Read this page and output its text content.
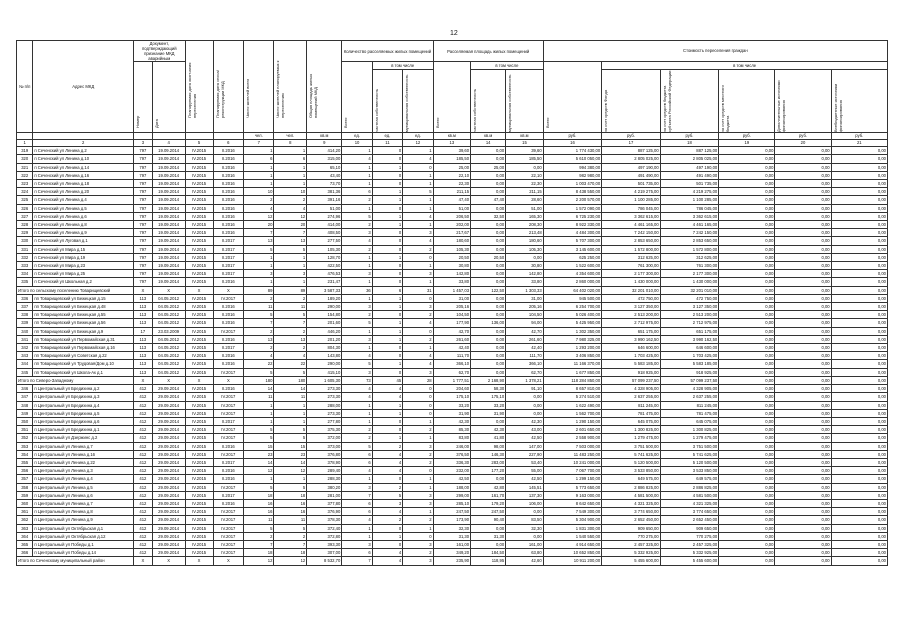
12
№ п/п	Адрес МКД	Документ, подтверждающий признание МКД аварийным		Планируемая дата окончания переселения	Планируемая дата сноса/реконструкции МКД	Число жителей всего	Число жителей планируемых к переселению	Общая площадь жилых помещений МКД	Количество расселяемых жилых помещений			Расселяемая площадь жилых помещений			Стоимость переселения граждан					

		Номер	Дата						Всего	в том числе		Всего	в том числе		Всего	в том числе				

										частная собственность	муниципальная собственность		частная собственность	муниципальная собственность		за счет средств Фонда	за счет средств бюджета субъекта Российской Федерации	за счет средств местного бюджета	Дополнительные источники финансирования	Внебюджетные источники финансирования

						чел.	чел.	кв.м	ед.	ед.	ед.	кв.м	кв.м	кв.м	руб.	руб.	руб.	руб.	руб.	руб.
1	2	3	4	5	6	7	8	9	10	11	12	13	14	15	16	17	18	19	20	21
319	п Сеченский ул Ленина д.2	797	19.09.2014	IV.2015	II.2016	1	1	414,20	1	0	1	39,60	0,00	39,60	1 774 430,00	887 125,00	887 125,00	0,00	0,00	0,00
320	п Сеченский ул Ленина д.10	797	19.09.2014	IV.2015	II.2016	6	6	315,00	4	0	4	185,50	0,00	185,50	5 610 050,00	2 805 025,00	2 805 025,00	0,00	0,00	0,00
321	п Сеченский ул Ленина д.14	797	19.09.2014	IV.2015	II.2016	1	1	65,10	1	1	0	25,00	25,00	0,00	994 380,00	497 190,00	497 190,00	0,00	0,00	0,00
322	п Сеченский ул Ленина д.16	797	19.09.2014	IV.2015	II.2016	1	1	43,40	1	0	1	22,10	0,00	22,10	982 980,00	491 490,00	491 490,00	0,00	0,00	0,00
323	п Сеченский ул Ленина д.18	797	19.09.2014	IV.2015	II.2016	1	1	73,70	1	0	1	22,30	0,00	22,30	1 003 470,00	501 735,00	501 735,00	0,00	0,00	0,00
324	п Сеченский ул Ленина д.20	797	19.09.2014	IV.2015	II.2016	10	10	381,36	6	1	5	211,15	0,00	211,15	8 438 550,00	4 219 275,00	4 219 275,00	0,00	0,00	0,00
325	п Сеченский ул Ленина д.4	797	19.09.2014	IV.2015	II.2016	2	2	391,16	2	1	1	47,40	47,40	28,60	2 200 570,00	1 100 285,00	1 100 285,00	0,00	0,00	0,00
326	п Сеченский ул Ленина д.5	797	19.09.2014	IV.2015	II.2016	4	4	51,00	1	0	1	51,00	0,00	51,00	1 572 090,00	786 045,00	786 045,00	0,00	0,00	0,00
327	п Сеченский ул Ленина д.6	797	19.09.2014	IV.2015	II.2016	12	12	274,96	5	1	4	206,50	32,50	165,30	6 725 230,00	3 362 615,00	3 362 615,00	0,00	0,00	0,00
328	п Сеченский ул Ленина д.8	797	19.09.2014	IV.2015	II.2016	20	20	414,00	2	1	1	202,00	0,00	208,30	8 922 330,00	4 461 165,00	4 461 165,00	0,00	0,00	0,00
329	п Сеченский ул Ленина д.9	797	19.09.2014	IV.2015	II.2016	7	7	408,50	3	0	3	217,67	0,00	213,48	4 484 300,00	7 242 150,00	7 242 150,00	0,00	0,00	0,00
330	п Сеченский ул Луговая д.1	797	19.09.2014	IV.2015	II.2017	13	13	277,50	4	0	4	180,60	0,00	180,60	5 707 300,00	2 853 650,00	2 853 650,00	0,00	0,00	0,00
331	п Сеченский ул Мира д.15	797	19.09.2014	IV.2015	II.2017	5	5	105,30	2	0	2	105,30	0,00	105,30	3 145 600,00	1 572 800,00	1 572 800,00	0,00	0,00	0,00
332	п Сеченский ул Мира д.19	797	19.09.2014	IV.2015	II.2017	1	1	128,70	1	1	0	20,50	20,50	0,00	625 250,00	312 625,00	312 625,00	0,00	0,00	0,00
333	п Сеченский ул Мира д.23	797	19.09.2014	IV.2015	II.2017	1	1	422,50	1	0	1	30,80	0,00	30,80	1 522 600,00	761 300,00	761 300,00	0,00	0,00	0,00
334	п Сеченский ул Мира д.25	797	19.09.2014	IV.2015	II.2017	3	3	476,53	3	0	3	142,80	0,00	142,80	4 354 600,00	2 177 300,00	2 177 300,00	0,00	0,00	0,00
335	п Сеченский ул Школьная д.2	797	19.09.2014	IV.2015	II.2016	1	1	231,47	1	0	1	33,80	0,00	33,80	2 860 000,00	1 430 000,00	1 430 000,00	0,00	0,00	0,00
Итого по сельскому поселению Товарищевский		X	X	X	X	89	89	3 587,33	36	6	31	1 457,03	122,50	1 303,33	64 402 020,00	32 201 010,00	32 201 010,00	0,00	0,00	0,00
336	пп Товарищевский ул Бежецкая д.15	113	04.05.2012	IV.2015	IV.2017	2	2	189,20	1	1	0	31,00	0,00	31,00	945 500,00	472 750,00	472 750,00	0,00	0,00	0,00
337	пп Товарищевский ул Бежецкая д.48	113	04.05.2012	IV.2015	II.2016	11	11	290,00	3	1	3	205,16	0,00	205,16	6 254 700,00	3 127 350,00	3 127 350,00	0,00	0,00	0,00
338	пп Товарищевский ул Бежецкая д.55	113	04.05.2012	IV.2015	II.2016	5	5	154,80	2	0	2	104,50	0,00	104,50	5 026 400,00	2 513 200,00	2 513 200,00	0,00	0,00	0,00
339	пп Товарищевский ул Бежецкая д.56	113	04.05.2012	IV.2015	II.2016	7	7	201,60	5	1	4	177,90	136,00	94,00	5 425 950,00	2 712 975,00	2 712 975,00	0,00	0,00	0,00
340	пп Товарищевский ул Бежецкая д.9	17	23.03.2009	IV.2015	IV.2017	2	2	446,20	1	1	0	42,70	0,00	42,70	1 302 350,00	651 175,00	651 175,00	0,00	0,00	0,00
341	пп Товарищевский ул Первомайская д.31	113	04.05.2012	IV.2015	II.2016	13	13	201,20	3	1	2	261,60	0,00	261,60	7 980 325,00	3 990 162,50	3 990 162,50	0,00	0,00	0,00
342	пп Товарищевский ул Первомайская д.16	113	04.05.2012	IV.2015	II.2017	2	2	804,30	1	0	1	42,40	0,00	42,40	1 293 200,00	646 600,00	646 600,00	0,00	0,00	0,00
343	пп Товарищевский ул Советская д.22	113	04.05.2012	IV.2015	II.2016	4	4	143,80	4	0	4	111,70	0,00	111,70	3 406 850,00	1 703 425,00	1 703 425,00	0,00	0,00	0,00
344	пп Товарищевский ул Трудовая/Дом д.10	113	04.05.2012	IV.2015	II.2016	22	22	290,00	5	1	4	366,10	0,00	366,10	11 166 370,00	5 583 185,00	5 583 185,00	0,00	0,00	0,00
345	пп Товарищевский ул Школа-Ак д.1	113	04.05.2012	IV.2015	IV.2017	5	5	415,10	3	0	3	62,70	0,00	62,70	1 677 850,00	918 925,00	918 925,00	0,00	0,00	0,00
Итого по Северо-Западному		X	X	X	X	180	180	1 605,30	73	45	28	1 777,51	2 168,90	1 378,21	118 284 850,00	57 099 237,50	57 099 237,50	0,00	0,00	0,00
346	п Центральный ул Бредихина д.2	412	29.09.2014	IV.2015	II.2016	14	14	273,30	4	4	0	204,60	58,30	91,10	8 657 810,00	4 328 905,00	4 328 905,00	0,00	0,00	0,00
347	п Центральный ул Бредихина д.3	412	29.09.2014	IV.2015	IV.2017	11	11	273,30	4	4	0	175,10	175,10	0,00	5 274 510,00	2 637 255,00	2 637 255,00	0,00	0,00	0,00
348	п Центральный ул Бредихина д.4	412	29.09.2014	IV.2015	IV.2017	1	1	288,00	1	1	0	33,20	33,20	0,00	1 622 490,00	811 245,00	811 245,00	0,00	0,00	0,00
349	п Центральный ул Бредихина д.5	412	29.09.2014	IV.2015	IV.2017	1	1	273,30	1	1	0	31,90	31,90	0,00	1 562 700,00	781 475,00	781 475,00	0,00	0,00	0,00
350	п Центральный ул Бредихина д.6	412	29.09.2014	IV.2015	II.2017	1	1	277,80	1	0	1	42,30	0,00	42,30	1 290 150,00	645 075,00	645 075,00	0,00	0,00	0,00
351	п Центральный ул Бредихина д.1	412	29.09.2014	IV.2015	IV.2017	5	5	375,30	2	0	2	85,30	42,30	43,00	2 601 650,00	1 300 825,00	1 300 825,00	0,00	0,00	0,00
352	п Центральный ул Дзержинс д.2	412	29.09.2014	IV.2015	IV.2017	5	5	372,00	2	1	1	83,80	41,80	42,50	2 558 900,00	1 279 475,00	1 279 475,00	0,00	0,00	0,00
353	п Центральный ул Ленина д.7	412	29.09.2014	IV.2015	II.2016	15	15	373,00	5	2	3	246,00	98,00	147,00	7 503 000,00	3 751 500,00	3 751 500,00	0,00	0,00	0,00
354	п Центральный ул Ленина д.16	412	29.09.2014	IV.2015	IV.2017	23	23	376,80	6	4	2	376,50	146,30	227,90	11 483 250,00	5 741 625,00	5 741 625,00	0,00	0,00	0,00
355	п Центральный ул Ленина д.22	412	29.09.2014	IV.2015	II.2017	14	14	378,90	6	4	2	336,30	283,00	53,40	10 241 000,00	5 120 500,00	5 120 500,00	0,00	0,00	0,00
356	п Центральный ул Ленина д.3	412	29.09.2014	IV.2015	II.2016	12	12	289,40	4	4	0	232,00	177,20	55,00	7 067 700,00	3 533 850,00	3 533 850,00	0,00	0,00	0,00
357	п Центральный ул Ленина д.4	412	29.09.2014	IV.2015	II.2016	1	1	288,30	1	0	1	42,50	0,00	42,50	1 299 150,00	649 575,00	649 575,00	0,00	0,00	0,00
358	п Центральный ул Ленина д.5	412	29.09.2014	IV.2015	IV.2017	5	5	380,20	3	2	1	188,00	42,80	145,51	5 773 650,00	2 886 825,00	2 886 825,00	0,00	0,00	0,00
359	п Центральный ул Ленина д.6	412	29.09.2014	IV.2015	II.2017	18	18	281,00	7	5	3	299,00	161,70	137,30	9 163 000,00	4 581 500,00	4 581 500,00	0,00	0,00	0,00
360	п Центральный ул Ленина д.7	412	29.09.2014	IV.2015	II.2016	16	16	377,80	6	3	3	285,10	179,20	106,00	8 642 650,00	4 321 325,00	4 321 325,00	0,00	0,00	0,00
361	п Центральный ул Ленина д.8	412	29.09.2014	IV.2015	IV.2017	16	16	376,90	6	4	1	247,50	247,50	0,00	7 549 300,00	3 774 650,00	3 774 650,00	0,00	0,00	0,00
362	п Центральный ул Ленина д.9	412	29.09.2014	IV.2015	IV.2017	11	11	378,30	4	2	2	173,90	90,40	83,50	5 304 900,00	2 652 450,00	2 652 450,00	0,00	0,00	0,00
363	п Центральный ул Октябрьская д.1	412	29.09.2014	IV.2015	IV.2017	5	5	372,40	1	0	1	32,30	0,00	32,30	1 831 300,00	909 650,00	909 650,00	0,00	0,00	0,00
364	п Центральный ул Октябрьская д.12	412	29.09.2014	IV.2015	IV.2017	2	2	372,80	1	1	0	31,30	31,30	0,00	1 540 550,00	770 275,00	770 275,00	0,00	0,00	0,00
365	п Центральный ул Победы д.1	412	29.09.2014	IV.2015	IV.2017	7	7	393,30	3	0	3	161,00	0,00	161,00	4 914 650,00	2 457 325,00	2 457 325,00	0,00	0,00	0,00
366	п Центральный ул Победы д.14	412	29.09.2014	IV.2015	IV.2017	18	18	307,00	6	4	2	349,20	184,50	63,80	10 652 850,00	5 332 925,00	5 332 925,00	0,00	0,00	0,00
Итого по Сеченскому муниципальный район		X	X	X	X	12	12	8 532,70	7	4	3	235,90	118,95	42,60	10 911 200,00	5 455 600,00	5 455 600,00	0,00	0,00	0,00
